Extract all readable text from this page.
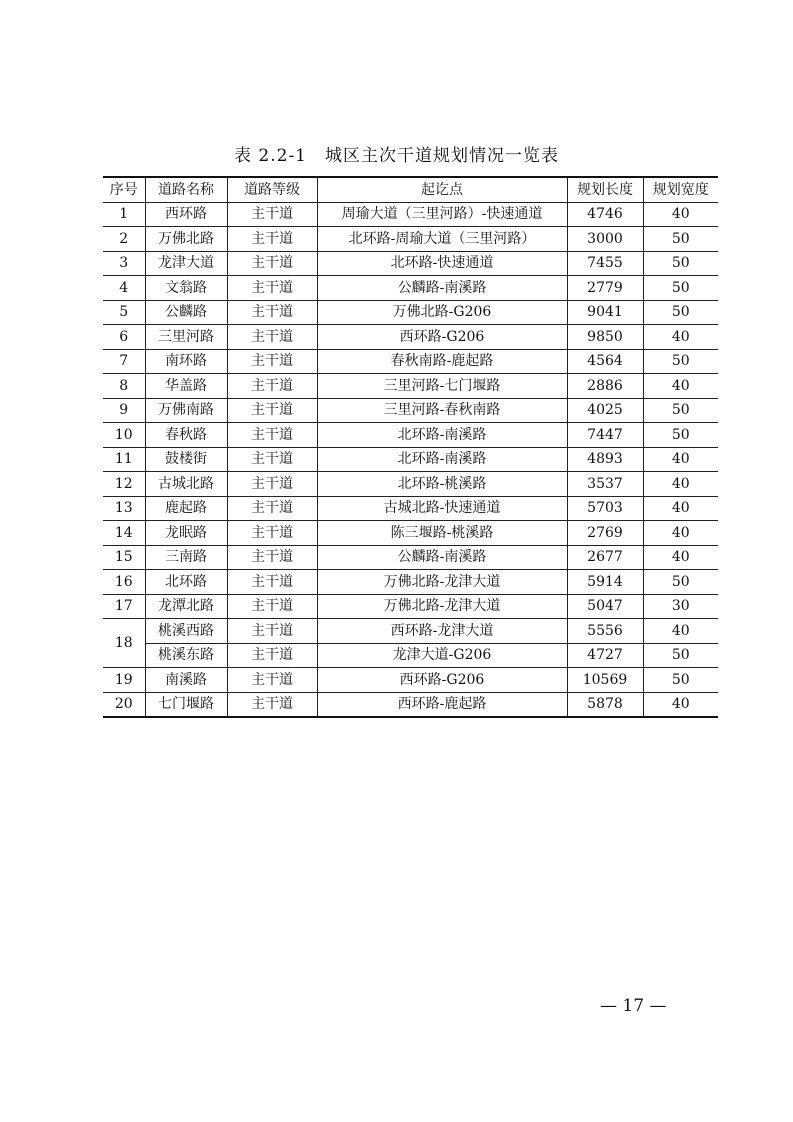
表 2.2-1 城区主次干道规划情况一览表
序号	道路名称	道路等级	起讫点	规划长度	规划宽度
1	西环路	主干道	周瑜大道（三里河路）-快速通道	4746	40
2	万佛北路	主干道	北环路-周瑜大道（三里河路）	3000	50
3	龙津大道	主干道	北环路-快速通道	7455	50
4	文翁路	主干道	公麟路-南溪路	2779	50
5	公麟路	主干道	万佛北路-G206	9041	50
6	三里河路	主干道	西环路-G206	9850	40
7	南环路	主干道	春秋南路-鹿起路	4564	50
8	华盖路	主干道	三里河路-七门堰路	2886	40
9	万佛南路	主干道	三里河路-春秋南路	4025	50
10	春秋路	主干道	北环路-南溪路	7447	50
11	鼓楼街	主干道	北环路-南溪路	4893	40
12	古城北路	主干道	北环路-桃溪路	3537	40
13	鹿起路	主干道	古城北路-快速通道	5703	40
14	龙眠路	主干道	陈三堰路-桃溪路	2769	40
15	三南路	主干道	公麟路-南溪路	2677	40
16	北环路	主干道	万佛北路-龙津大道	5914	50
17	龙潭北路	主干道	万佛北路-龙津大道	5047	30
18	桃溪西路	主干道	西环路-龙津大道	5556	40
	桃溪东路	主干道	龙津大道-G206	4727	50
19	南溪路	主干道	西环路-G206	10569	50
20	七门堰路	主干道	西环路-鹿起路	5878	40
— 17 —
